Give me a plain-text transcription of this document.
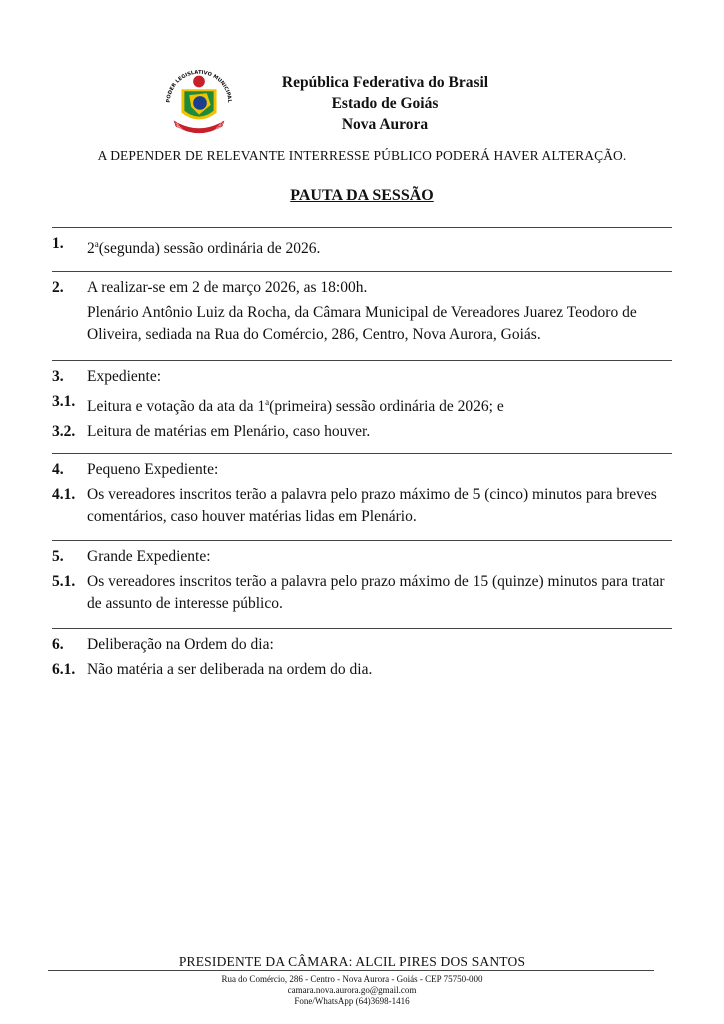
PODER LEGISLATIVO MUNICIPAL
TRABALHO, UNIÃO E PROGRESSO
República Federativa do Brasil
Estado de Goiás
Nova Aurora
A DEPENDER DE RELEVANTE INTERRESSE PÚBLICO PODERÁ HAVER ALTERAÇÃO.
PAUTA DA SESSÃO
1. 2$^a$(segunda) sessão ordinária de 2026.
2. A realizar-se em 2 de março 2026, as 18:00h.
Plenário Antônio Luiz da Rocha, da Câmara Municipal de Vereadores Juarez Teodoro de Oliveira, sediada na Rua do Comércio, 286, Centro, Nova Aurora, Goiás.
3. Expediente:
3.1. Leitura e votação da ata da 1$^a$(primeira) sessão ordinária de 2026; e
3.2. Leitura de matérias em Plenário, caso houver.
4. Pequeno Expediente:
4.1. Os vereadores inscritos terão a palavra pelo prazo máximo de 5 (cinco) minutos para breves comentários, caso houver matérias lidas em Plenário.
5. Grande Expediente:
5.1. Os vereadores inscritos terão a palavra pelo prazo máximo de 15 (quinze) minutos para tratar de assunto de interesse público.
6. Deliberação na Ordem do dia:
6.1. Não matéria a ser deliberada na ordem do dia.
PRESIDENTE DA CÂMARA: ALCIL PIRES DOS SANTOS
Rua do Comércio, 286 - Centro - Nova Aurora - Goiás - CEP 75750-000
camara.nova.aurora.go@gmail.com
Fone/WhatsApp (64)3698-1416
